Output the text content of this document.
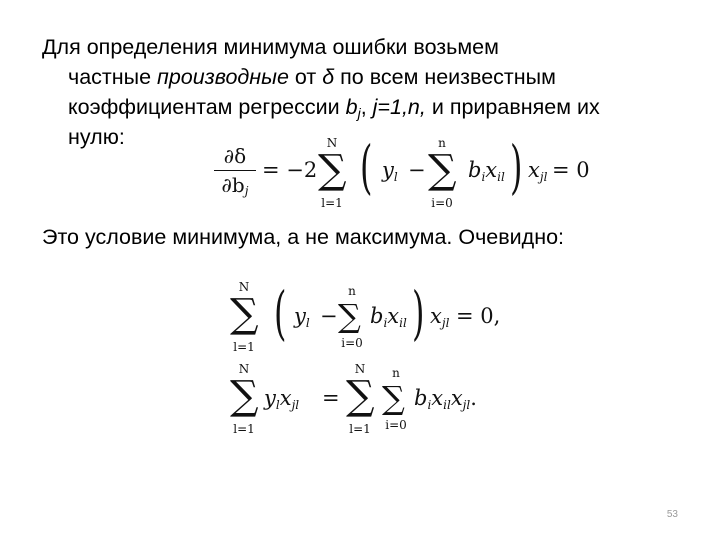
Для определения минимума ошибки возьмем
частные производные от δ по всем неизвестным
коэффициентам регрессии $b_j$, j=1,n, и приравняем их
нулю:

$\frac{\partial\delta}{\partial b_j} = -2$
N
∑
l=1
( $y_l$ −
n
∑
i=0
$b_ix_{il}$ ) $x_{jl} = 0$

Это условие минимума, а не максимума. Очевидно:

N
∑
l=1 ( $y_l$ −
n
∑
i=0
$b_ix_{il}$ ) $x_{jl} = 0$,
N
∑
l=1
$y_lx_{jl}$ =
N
∑
l=1
n
∑
i=0
$b_ix_{il}x_{jl}$.
53
